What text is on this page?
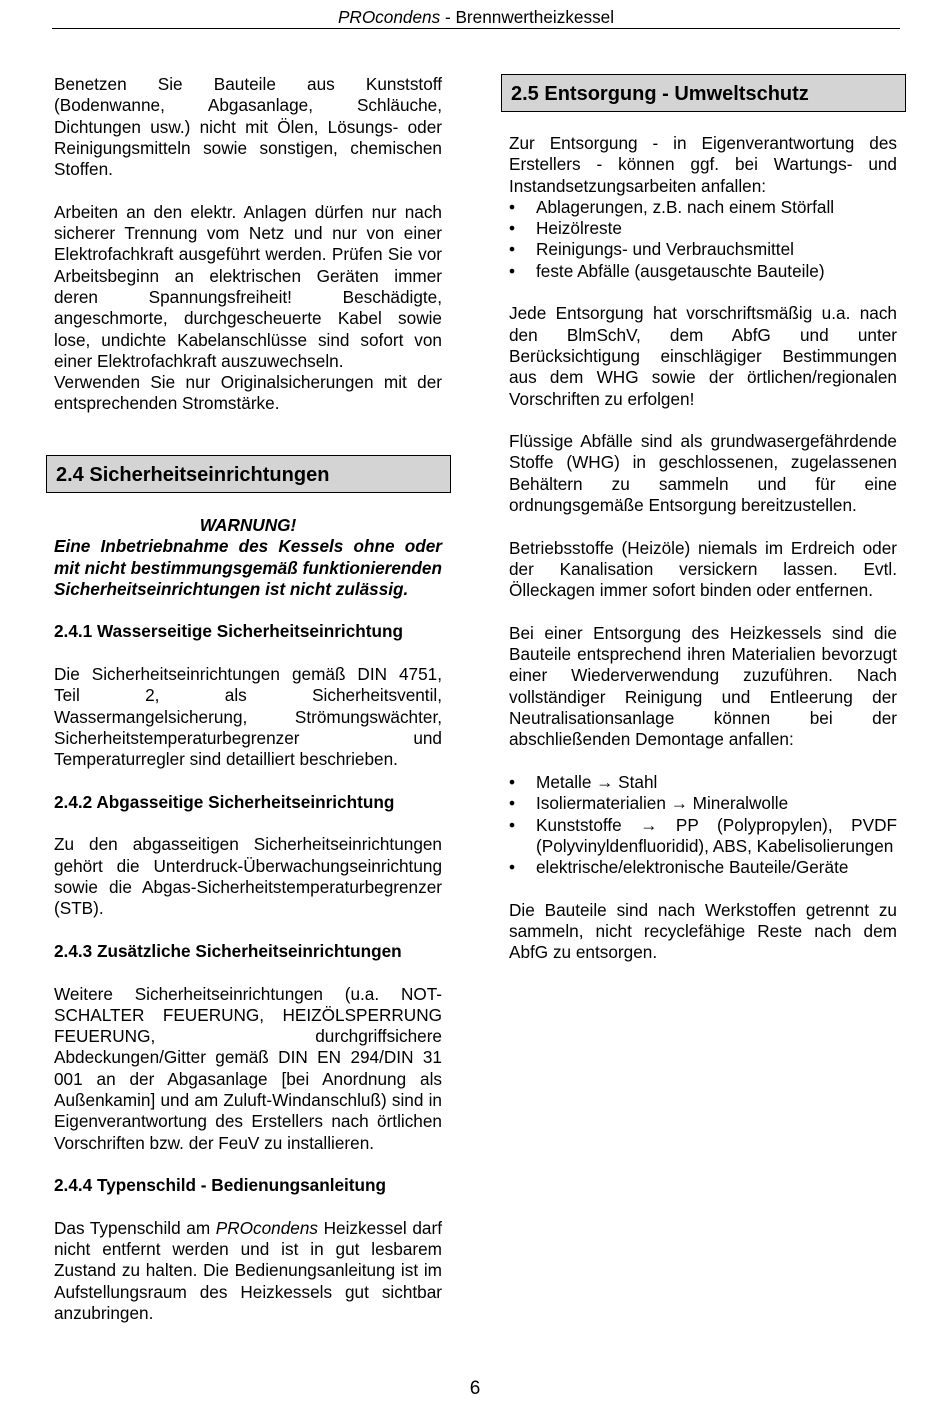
PROcondens - Brennwertheizkessel

Benetzen Sie Bauteile aus Kunststoff (Bodenwanne, Abgasanlage, Schläuche, Dichtungen usw.) nicht mit Ölen, Lösungs- oder Reinigungsmitteln sowie sonstigen, chemischen Stoffen.

Arbeiten an den elektr. Anlagen dürfen nur nach sicherer Trennung vom Netz und nur von einer Elektrofachkraft ausgeführt werden. Prüfen Sie vor Arbeitsbeginn an elektrischen Geräten immer deren Spannungsfreiheit! Beschädigte, angeschmorte, durchgescheuerte Kabel sowie lose, undichte Kabelanschlüsse sind sofort von einer Elektrofachkraft auszuwechseln.

Verwenden Sie nur Originalsicherungen mit der entsprechenden Stromstärke.

2.4 Sicherheitseinrichtungen

WARNUNG!

Eine Inbetriebnahme des Kessels ohne oder mit nicht bestimmungsgemäß funktionierenden Sicherheitseinrichtungen ist nicht zulässig.

2.4.1 Wasserseitige Sicherheitseinrichtung

Die Sicherheitseinrichtungen gemäß DIN 4751, Teil 2, als Sicherheitsventil, Wassermangelsicherung, Strömungswächter, Sicherheitstemperaturbegrenzer und Temperaturregler sind detailliert beschrieben.

2.4.2 Abgasseitige Sicherheitseinrichtung

Zu den abgasseitigen Sicherheitseinrichtungen gehört die Unterdruck-Überwachungseinrichtung sowie die Abgas-Sicherheitstemperaturbegrenzer (STB).

2.4.3 Zusätzliche Sicherheitseinrichtungen

Weitere Sicherheitseinrichtungen (u.a. NOT-SCHALTER FEUERUNG, HEIZÖLSPERRUNG FEUERUNG, durchgriffsichere Abdeckungen/Gitter gemäß DIN EN 294/DIN 31 001 an der Abgasanlage [bei Anordnung als Außenkamin] und am Zuluft-Windanschluß) sind in Eigenverantwortung des Erstellers nach örtlichen Vorschriften bzw. der FeuV zu installieren.

2.4.4 Typenschild - Bedienungsanleitung

Das Typenschild am PROcondens Heizkessel darf nicht entfernt werden und ist in gut lesbarem Zustand zu halten. Die Bedienungsanleitung ist im Aufstellungsraum des Heizkessels gut sichtbar anzubringen.

2.5 Entsorgung - Umweltschutz

Zur Entsorgung - in Eigenverantwortung des Erstellers - können ggf. bei Wartungs- und Instandsetzungsarbeiten anfallen:

• Ablagerungen, z.B. nach einem Störfall
• Heizölreste
• Reinigungs- und Verbrauchsmittel
• feste Abfälle (ausgetauschte Bauteile)

Jede Entsorgung hat vorschriftsmäßig u.a. nach den BlmSchV, dem AbfG und unter Berücksichtigung einschlägiger Bestimmungen aus dem WHG sowie der örtlichen/regionalen Vorschriften zu erfolgen!

Flüssige Abfälle sind als grundwasergefährdende Stoffe (WHG) in geschlossenen, zugelassenen Behältern zu sammeln und für eine ordnungsgemäße Entsorgung bereitzustellen.

Betriebsstoffe (Heizöle) niemals im Erdreich oder der Kanalisation versickern lassen. Evtl. Ölleckagen immer sofort binden oder entfernen.

Bei einer Entsorgung des Heizkessels sind die Bauteile entsprechend ihren Materialien bevorzugt einer Wiederverwendung zuzuführen. Nach vollständiger Reinigung und Entleerung der Neutralisationsanlage können bei der abschließenden Demontage anfallen:

• Metalle → Stahl
• Isoliermaterialien → Mineralwolle
• Kunststoffe → PP (Polypropylen), PVDF (Polyvinyldenfluoridid), ABS, Kabelisolierungen
• elektrische/elektronische Bauteile/Geräte

Die Bauteile sind nach Werkstoffen getrennt zu sammeln, nicht recyclefähige Reste nach dem AbfG zu entsorgen.

6
